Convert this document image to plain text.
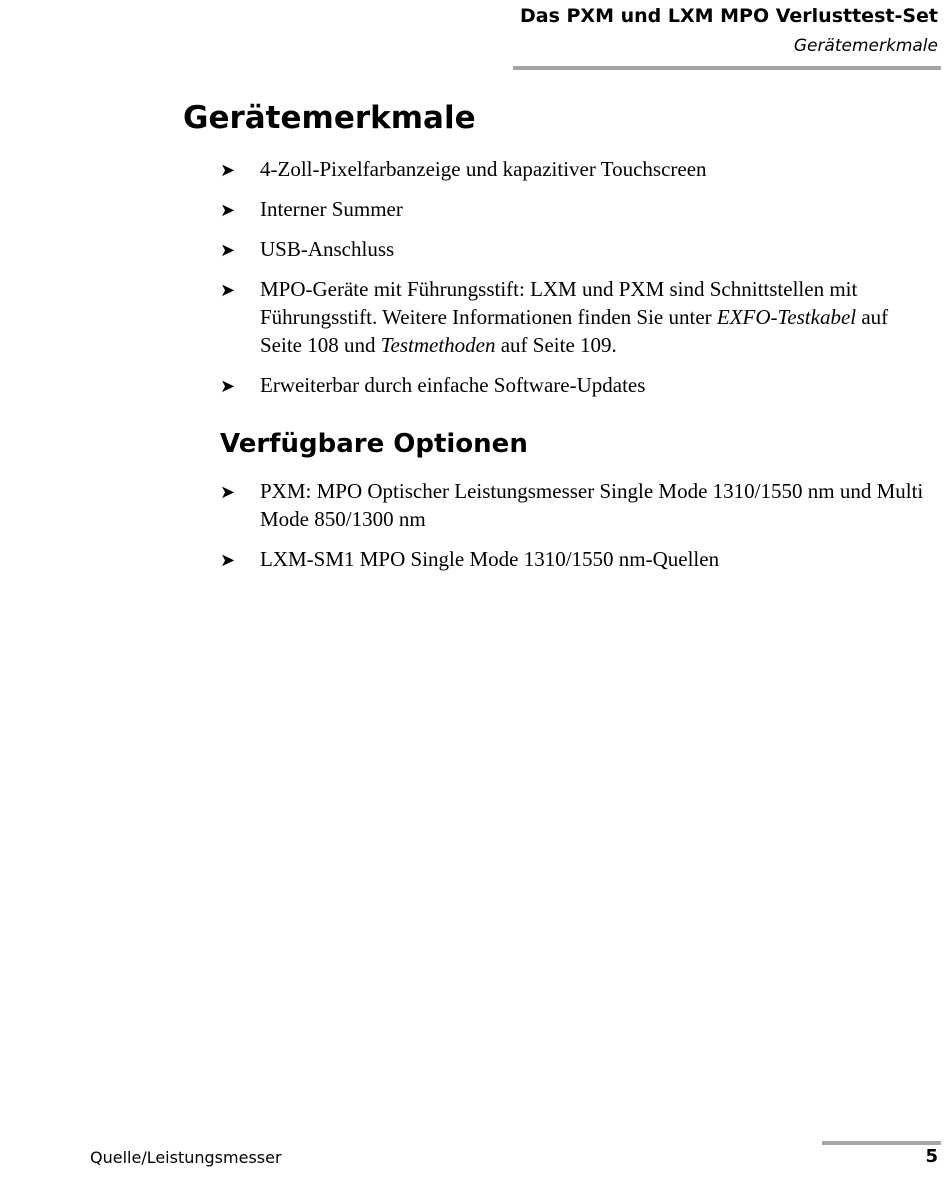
Das PXM und LXM MPO Verlusttest-Set
Gerätemerkmale
Gerätemerkmale
➤ 4-Zoll-Pixelfarbanzeige und kapazitiver Touchscreen
➤ Interner Summer
➤ USB-Anschluss
➤ MPO-Geräte mit Führungsstift: LXM und PXM sind Schnittstellen mit Führungsstift. Weitere Informationen finden Sie unter EXFO-Testkabel auf Seite 108 und Testmethoden auf Seite 109.
➤ Erweiterbar durch einfache Software-Updates
Verfügbare Optionen
➤ PXM: MPO Optischer Leistungsmesser Single Mode 1310/1550 nm und Multi Mode 850/1300 nm
➤ LXM-SM1 MPO Single Mode 1310/1550 nm-Quellen
Quelle/Leistungsmesser	5
